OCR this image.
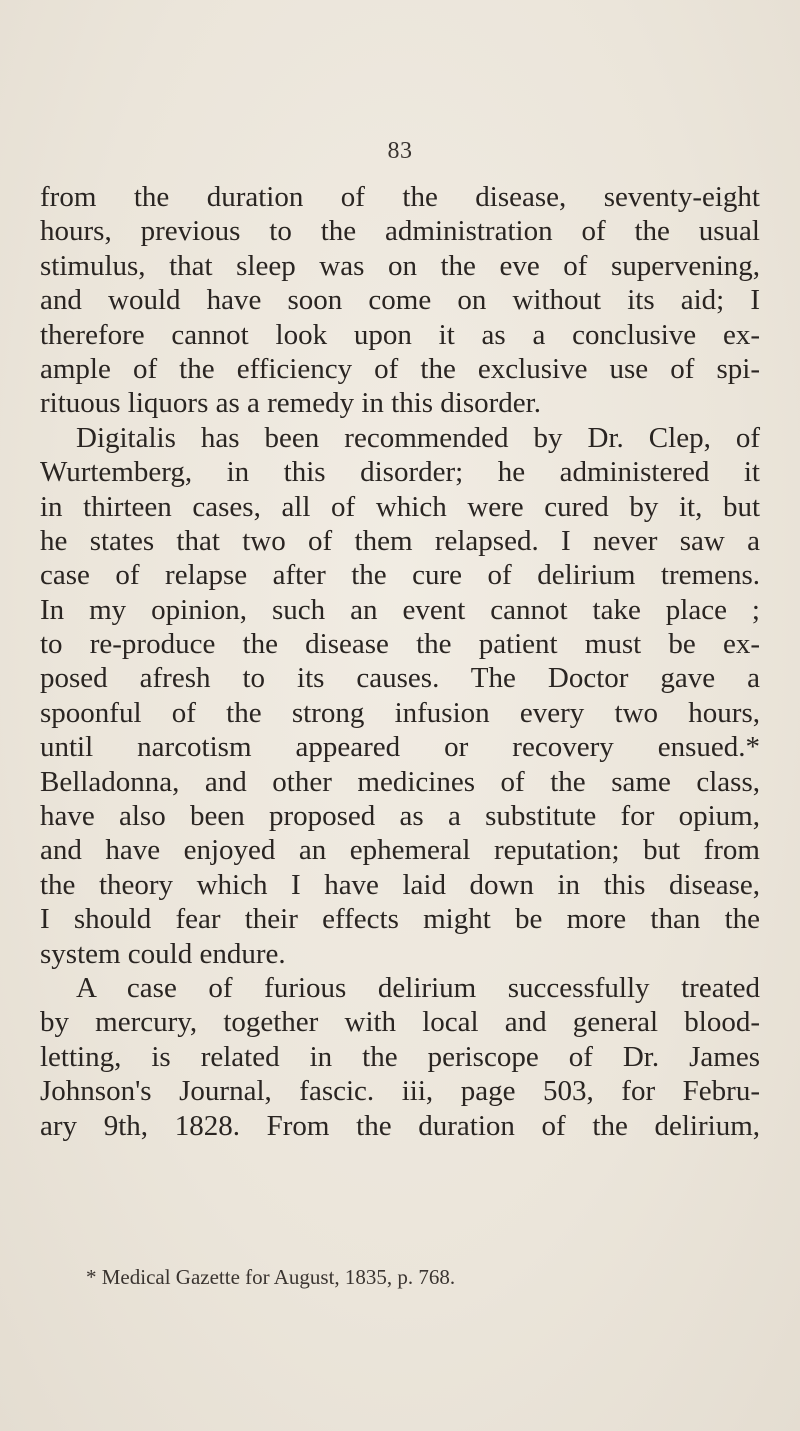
83
from the duration of the disease, seventy-eight
hours, previous to the administration of the usual
stimulus, that sleep was on the eve of supervening,
and would have soon come on without its aid; I
therefore cannot look upon it as a conclusive ex-
ample of the efficiency of the exclusive use of spi-
rituous liquors as a remedy in this disorder.
Digitalis has been recommended by Dr. Clep, of
Wurtemberg, in this disorder; he administered it
in thirteen cases, all of which were cured by it, but
he states that two of them relapsed. I never saw a
case of relapse after the cure of delirium tremens.
In my opinion, such an event cannot take place ;
to re-produce the disease the patient must be ex-
posed afresh to its causes. The Doctor gave a
spoonful of the strong infusion every two hours,
until narcotism appeared or recovery ensued.*
Belladonna, and other medicines of the same class,
have also been proposed as a substitute for opium,
and have enjoyed an ephemeral reputation; but from
the theory which I have laid down in this disease,
I should fear their effects might be more than the
system could endure.
A case of furious delirium successfully treated
by mercury, together with local and general blood-
letting, is related in the periscope of Dr. James
Johnson's Journal, fascic. iii, page 503, for Febru-
ary 9th, 1828. From the duration of the delirium,
* Medical Gazette for August, 1835, p. 768.
